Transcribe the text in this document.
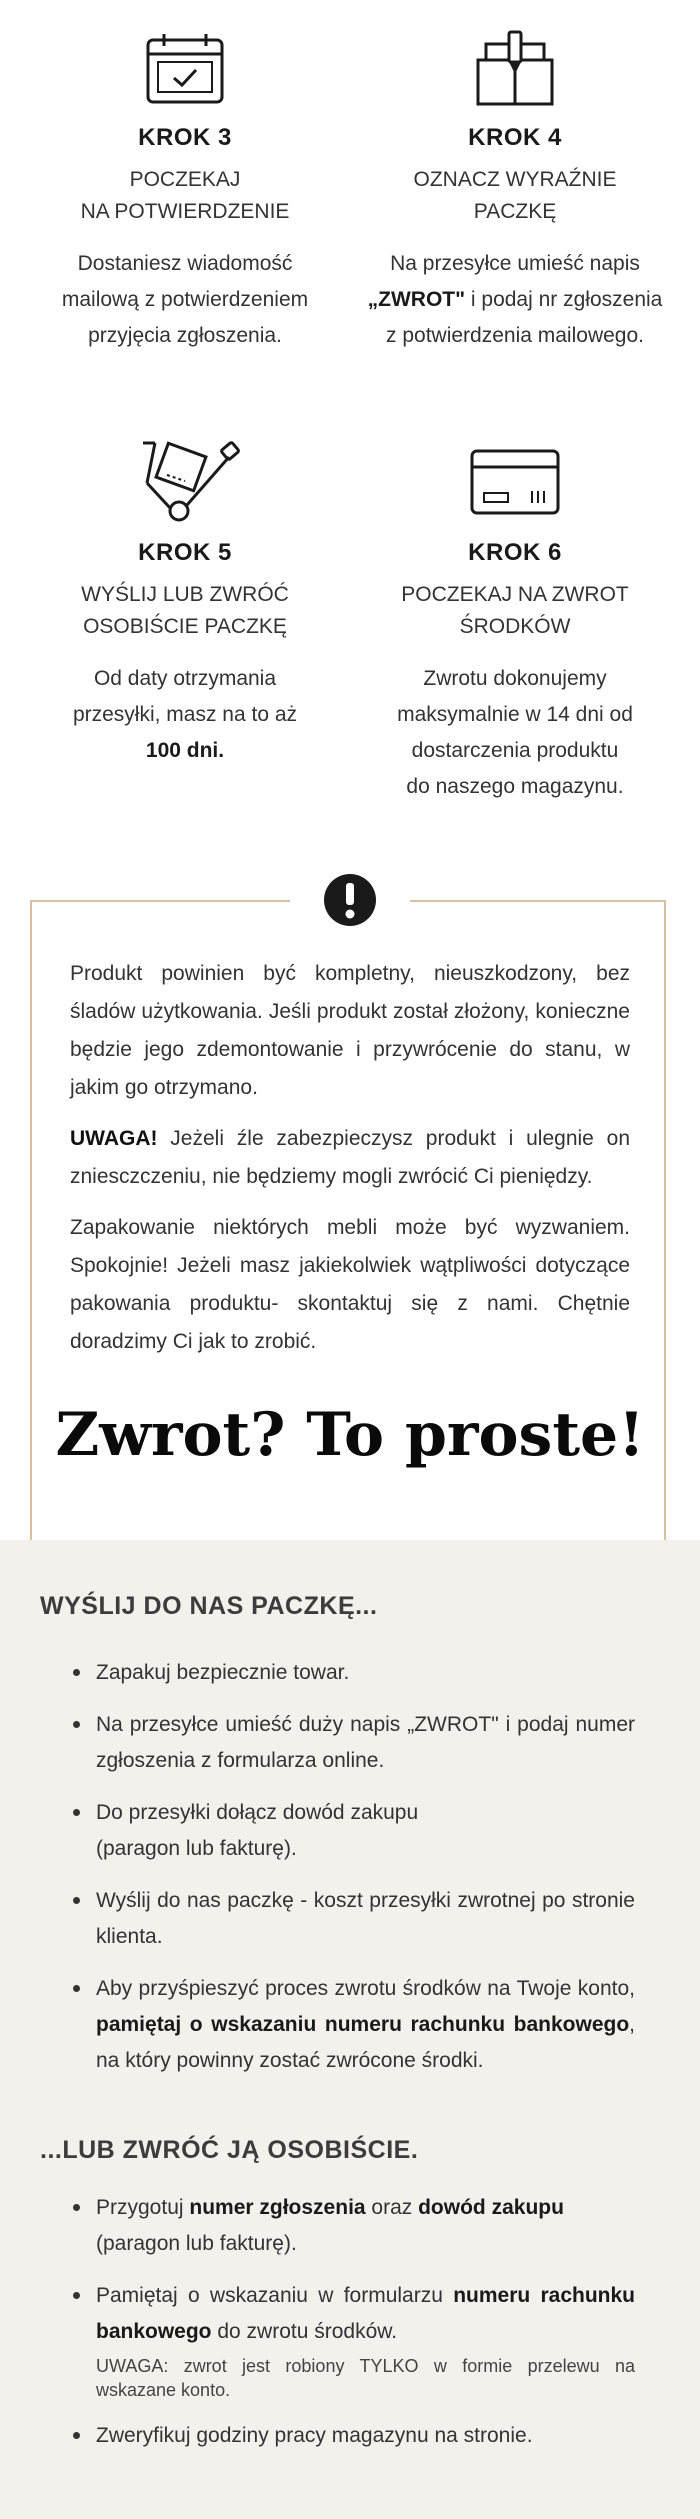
KROK 3
POCZEKAJ
NA POTWIERDZENIE
Dostaniesz wiadomość
mailową z potwierdzeniem
przyjęcia zgłoszenia.
KROK 4
OZNACZ WYRAŹNIE
PACZKĘ
Na przesyłce umieść napis
„ZWROT" i podaj nr zgłoszenia
z potwierdzenia mailowego.
KROK 5
WYŚLIJ LUB ZWRÓĆ
OSOBIŚCIE PACZKĘ
Od daty otrzymania
przesyłki, masz na to aż
100 dni.
KROK 6
POCZEKAJ NA ZWROT
ŚRODKÓW
Zwrotu dokonujemy
maksymalnie w 14 dni od
dostarczenia produktu
do naszego magazynu.

Produkt powinien być kompletny, nieuszkodzony, bez śladów użytkowania. Jeśli produkt został złożony, konieczne będzie jego zdemontowanie i przywrócenie do stanu, w jakim go otrzymano.

UWAGA! Jeżeli źle zabezpieczysz produkt i ulegnie on zniesczczeniu, nie będziemy mogli zwrócić Ci pieniędzy.

Zapakowanie niektórych mebli może być wyzwaniem. Spokojnie! Jeżeli masz jakiekolwiek wątpliwości dotyczące pakowania produktu- skontaktuj się z nami. Chętnie doradzimy Ci jak to zrobić.

Zwrot? To proste!
WYŚLIJ DO NAS PACZKĘ...
Zapakuj bezpiecznie towar.
Na przesyłce umieść duży napis „ZWROT" i podaj numer zgłoszenia z formularza online.
Do przesyłki dołącz dowód zakupu
(paragon lub fakturę).
Wyślij do nas paczkę - koszt przesyłki zwrotnej po stronie klienta.
Aby przyśpieszyć proces zwrotu środków na Twoje konto, pamiętaj o wskazaniu numeru rachunku bankowego, na który powinny zostać zwrócone środki.
...LUB ZWRÓĆ JĄ OSOBIŚCIE.
Przygotuj numer zgłoszenia oraz dowód zakupu
(paragon lub fakturę).
Pamiętaj o wskazaniu w formularzu numeru rachunku bankowego do zwrotu środków.
UWAGA: zwrot jest robiony TYLKO w formie przelewu na wskazane konto.
Zweryfikuj godziny pracy magazynu na stronie.
